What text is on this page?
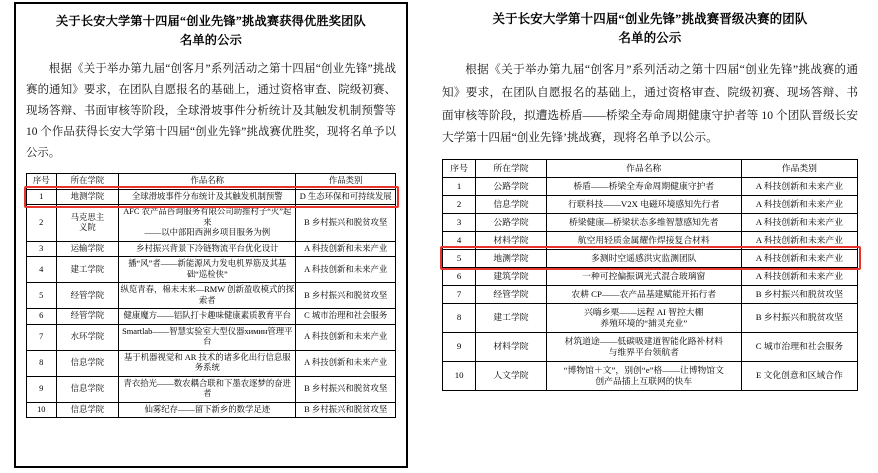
关于长安大学第十四届“创业先锋”挑战赛获得优胜奖团队
名单的公示

根据《关于举办第九届“创客月”系列活动之第十四届“创业先锋”挑战赛的通知》要求，在团队自愿报名的基础上，通过资格审查、院级初赛、现场答辩、书面审核等阶段，全球滑坡事件分析统计及其触发机制预警等 10 个作品获得长安大学第十四届“创业先锋”挑战赛优胜奖，现将名单予以公示。

序号	所在学院	作品名称	作品类别
1	地测学院	全球滑坡事件分布统计及其触发机制预警	D 生态环保和可持续发展

2	马克思主
义院	AFC 农产品咨询服务有限公司助推村子“火”起来
——以中部阳西洲乡项目服务为例	B 乡村振兴和脱贫攻坚

3	运输学院	乡村振兴背景下冷链物流平台优化设计	A 科技创新和未来产业

4	建工学院	播“风”者——新能源风力发电机界筋及其基础“巡检侠”	A 科技创新和未来产业

5	经管学院	纵览青春，棉未末来—RMW 创新盈收模式的探索者	B 乡村振兴和脱贫攻坚

6	经管学院	健康魔方——铝队打卡趣味健康素质教育平台	C 城市治理和社会服务

7	水环学院	Smartlab——智慧实验室大型仪器химин管理平台	A 科技创新和未来产业

8	信息学院	基于机器视觉和 AR 技术的诸多化出行信息服务系统	A 科技创新和未来产业

9	信息学院	青衣拾光——数农耦合联和下墨农逐梦的奋进者	B 乡村振兴和脱贫攻坚

10	信息学院	仙雾纪存——留下新乡的数学足迹	B 乡村振兴和脱贫攻坚
关于长安大学第十四届“创业先锋”挑战赛晋级决赛的团队
名单的公示

根据《关于举办第九届“创客月”系列活动之第十四届“创业先锋”挑战赛的通知》要求，在团队自愿报名的基础上，通过资格审查、院级初赛、现场答辩、书面审核等阶段，拟遭选桥盾——桥梁全寿命周期健康守护者等 10 个团队晋级长安大学第十四届“创业先锋’挑战赛，现将名单予以公示。

序号	所在学院	作品名称	作品类别
1	公路学院	桥盾——桥梁全寿命周期健康守护者	A 科技创新和未来产业

2	信息学院	行联科技——V2X 电磁环境感知先行者	A 科技创新和未来产业

3	公路学院	桥梁健康—桥梁状态多维智慧感知先者	A 科技创新和未来产业

4	材料学院	航空用轻质金属耀作焊接复合材料	A 科技创新和未来产业

5	地测学院	多测时空遥感洪灾监测团队	A 科技创新和未来产业

6	建筑学院	一种可控偏振调光式混合玻璃窗	A 科技创新和未来产业

7	经管学院	农耕 CP——农产品基建赋能开拓行者	B 乡村振兴和脱贫攻坚

8	建工学院	兴嗨乡栗——远程 AI 智控大棚
养殖环境的“捕灵充业”	B 乡村振兴和脱贫攻坚

9	材料学院	材筑道途——低碳吸建道智能化路补材料
与维界平台领航者	C 城市治理和社会服务

10	人文学院	“博物馆＋文”，别创“e”格——让博物馆文
创产品插上互联网的快车	E 文化创意和区域合作
